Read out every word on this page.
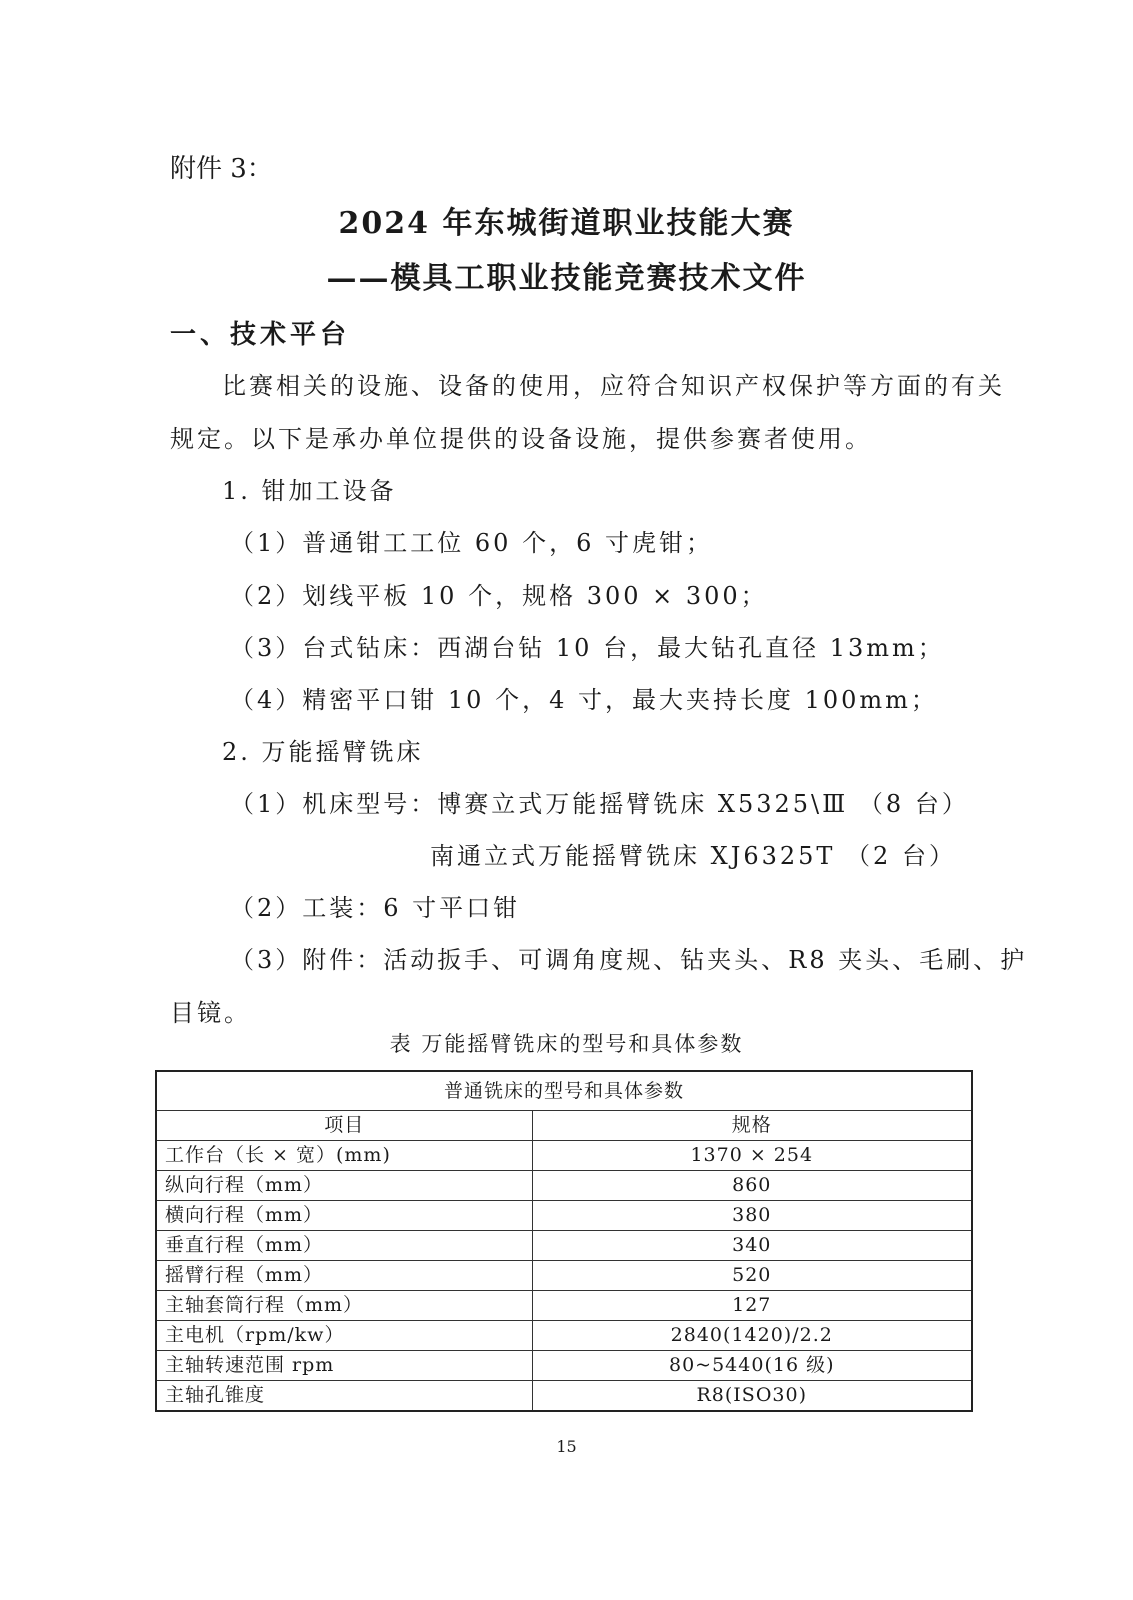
附件 3：
2024 年东城街道职业技能大赛
——模具工职业技能竞赛技术文件
一、技术平台
比赛相关的设施、设备的使用，应符合知识产权保护等方面的有关
规定。以下是承办单位提供的设备设施，提供参赛者使用。
1. 钳加工设备
（1）普通钳工工位 60 个，6 寸虎钳；
（2）划线平板 10 个，规格 300 × 300；
（3）台式钻床：西湖台钻 10 台，最大钻孔直径 13mm；
（4）精密平口钳 10 个，4 寸，最大夹持长度 100mm；
2. 万能摇臂铣床
（1）机床型号：博赛立式万能摇臂铣床 X5325\Ⅲ （8 台）
南通立式万能摇臂铣床 XJ6325T （2 台）
（2）工装：6 寸平口钳
（3）附件：活动扳手、可调角度规、钻夹头、R8 夹头、毛刷、护
目镜。
表 万能摇臂铣床的型号和具体参数
普通铣床的型号和具体参数	
项目	规格
工作台（长 × 宽）(mm)	1370 × 254
纵向行程（mm）	860
横向行程（mm）	380
垂直行程（mm）	340
摇臂行程（mm）	520
主轴套筒行程（mm）	127
主电机（rpm/kw）	2840(1420)/2.2
主轴转速范围 rpm	80~5440(16 级)
主轴孔锥度	R8(ISO30)
15
